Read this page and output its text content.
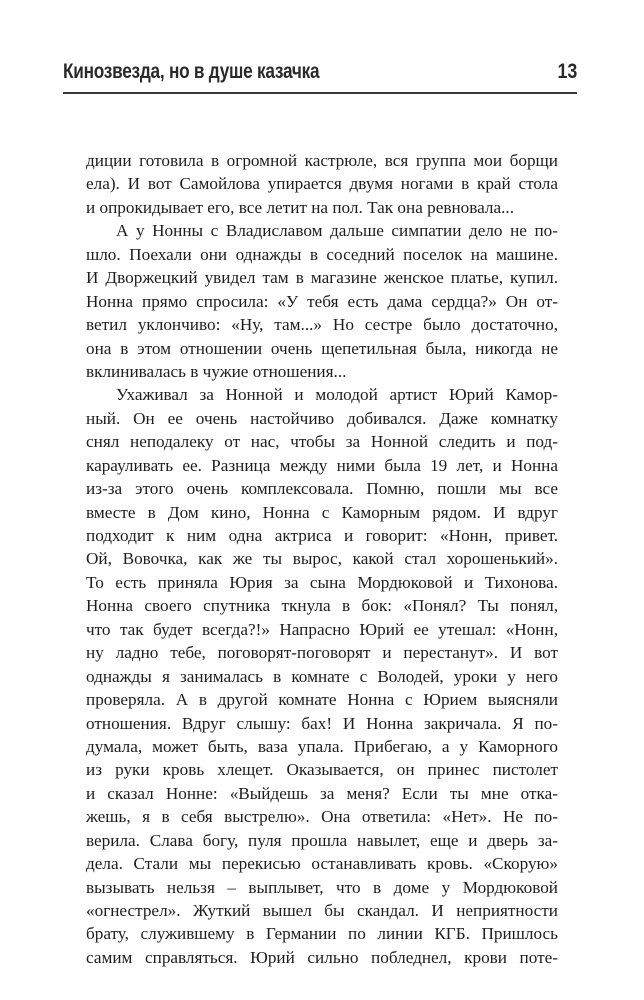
Кинозвезда, но в душе казачка	13
диции готовила в огромной кастрюле, вся группа мои борщи
ела). И вот Самойлова упирается двумя ногами в край стола
и опрокидывает его, все летит на пол. Так она ревновала...
А у Нонны с Владиславом дальше симпатии дело не по-
шло. Поехали они однажды в соседний поселок на машине.
И Дворжецкий увидел там в магазине женское платье, купил.
Нонна прямо спросила: «У тебя есть дама сердца?» Он от-
ветил уклончиво: «Ну, там...» Но сестре было достаточно,
она в этом отношении очень щепетильная была, никогда не
вклинивалась в чужие отношения...
Ухаживал за Нонной и молодой артист Юрий Камор-
ный. Он ее очень настойчиво добивался. Даже комнатку
снял неподалеку от нас, чтобы за Нонной следить и под-
карауливать ее. Разница между ними была 19 лет, и Нонна
из-за этого очень комплексовала. Помню, пошли мы все
вместе в Дом кино, Нонна с Каморным рядом. И вдруг
подходит к ним одна актриса и говорит: «Нонн, привет.
Ой, Вовочка, как же ты вырос, какой стал хорошенький».
То есть приняла Юрия за сына Мордюковой и Тихонова.
Нонна своего спутника ткнула в бок: «Понял? Ты понял,
что так будет всегда?!» Напрасно Юрий ее утешал: «Нонн,
ну ладно тебе, поговорят-поговорят и перестанут». И вот
однажды я занималась в комнате с Володей, уроки у него
проверяла. А в другой комнате Нонна с Юрием выясняли
отношения. Вдруг слышу: бах! И Нонна закричала. Я по-
думала, может быть, ваза упала. Прибегаю, а у Каморного
из руки кровь хлещет. Оказывается, он принес пистолет
и сказал Нонне: «Выйдешь за меня? Если ты мне отка-
жешь, я в себя выстрелю». Она ответила: «Нет». Не по-
верила. Слава богу, пуля прошла навылет, еще и дверь за-
дела. Стали мы перекисью останавливать кровь. «Скорую»
вызывать нельзя – выплывет, что в доме у Мордюковой
«огнестрел». Жуткий вышел бы скандал. И неприятности
брату, служившему в Германии по линии КГБ. Пришлось
самим справляться. Юрий сильно побледнел, крови поте-
